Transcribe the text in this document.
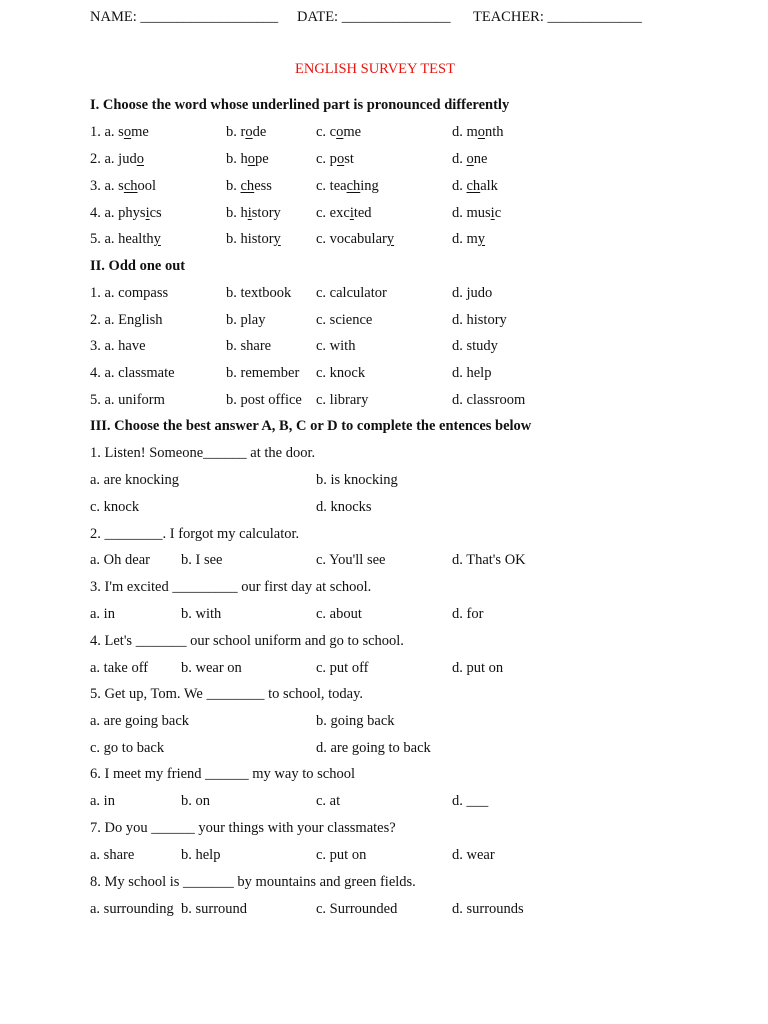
NAME: ___________________ DATE: _______________ TEACHER: _____________
ENGLISH SURVEY TEST
I. Choose the word whose underlined part is pronounced differently
1. a. some	b. rode	c. come	d. month
2. a. judo	b. hope	c. post	d. one
3. a. school	b. chess	c. teaching	d. chalk
4. a. physics	b. history c. excited	d. music
5. a. healthy	b. history c. vocabulary	d. my
II. Odd one out
1. a. compass	b. textbook c. calculator	d. judo
2. a. English	b. play	c. science	d. history
3. a. have	b. share	c. with	d. study
4. a. classmate	b. remember c. knock	d. help
5. a. uniform	b. post office c. library	d. classroom
III. Choose the best answer A, B, C or D to complete the entences below
1. Listen! Someone______ at the door.
a. are knocking	b. is knocking
c. knock	d. knocks
2. ________. I forgot my calculator.
a. Oh dear b. I see	c. You'll see	d. That's OK
3. I'm excited _________ our first day at school.
a. in	b. with	c. about	d. for
4. Let's _______ our school uniform and go to school.
a. take off b. wear on	c. put off	d. put on
5. Get up, Tom. We ________ to school, today.
a. are going back	b. going back
c. go to back	d. are going to back
6. I meet my friend ______ my way to school
a. in	b. on	c. at	d. ___
7. Do you ______ your things with your classmates?
a. share	b. help	c. put on	d. wear
8. My school is _______ by mountains and green fields.
a. surrounding b. surround	c. Surrounded	d. surrounds
